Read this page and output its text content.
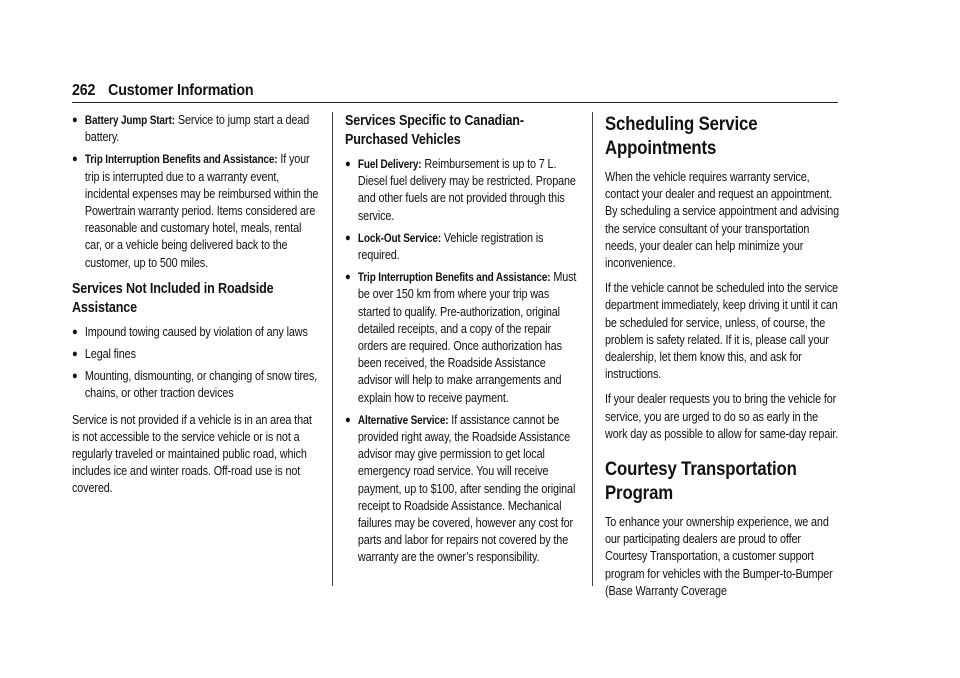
262 Customer Information
● Battery Jump Start: Service to jump start a dead battery.
● Trip Interruption Benefits and Assistance: If your trip is interrupted due to a warranty event, incidental expenses may be reimbursed within the Powertrain warranty period. Items considered are reasonable and customary hotel, meals, rental car, or a vehicle being delivered back to the customer, up to 500 miles.
Services Not Included in Roadside Assistance
● Impound towing caused by violation of any laws
● Legal fines
● Mounting, dismounting, or changing of snow tires, chains, or other traction devices

Service is not provided if a vehicle is in an area that is not accessible to the service vehicle or is not a regularly traveled or maintained public road, which includes ice and winter roads. Off-road use is not covered.

Services Specific to Canadian-Purchased Vehicles
● Fuel Delivery: Reimbursement is up to 7 L. Diesel fuel delivery may be restricted. Propane and other fuels are not provided through this service.
● Lock-Out Service: Vehicle registration is required.
● Trip Interruption Benefits and Assistance: Must be over 150 km from where your trip was started to qualify. Pre-authorization, original detailed receipts, and a copy of the repair orders are required. Once authorization has been received, the Roadside Assistance advisor will help to make arrangements and explain how to receive payment.
● Alternative Service: If assistance cannot be provided right away, the Roadside Assistance advisor may give permission to get local emergency road service. You will receive payment, up to $100, after sending the original receipt to Roadside Assistance. Mechanical failures may be covered, however any cost for parts and labor for repairs not covered by the warranty are the owner’s responsibility.
Scheduling Service Appointments

When the vehicle requires warranty service, contact your dealer and request an appointment. By scheduling a service appointment and advising the service consultant of your transportation needs, your dealer can help minimize your inconvenience.

If the vehicle cannot be scheduled into the service department immediately, keep driving it until it can be scheduled for service, unless, of course, the problem is safety related. If it is, please call your dealership, let them know this, and ask for instructions.

If your dealer requests you to bring the vehicle for service, you are urged to do so as early in the work day as possible to allow for same-day repair.

Courtesy Transportation Program

To enhance your ownership experience, we and our participating dealers are proud to offer Courtesy Transportation, a customer support program for vehicles with the Bumper-to-Bumper (Base Warranty Coverage
